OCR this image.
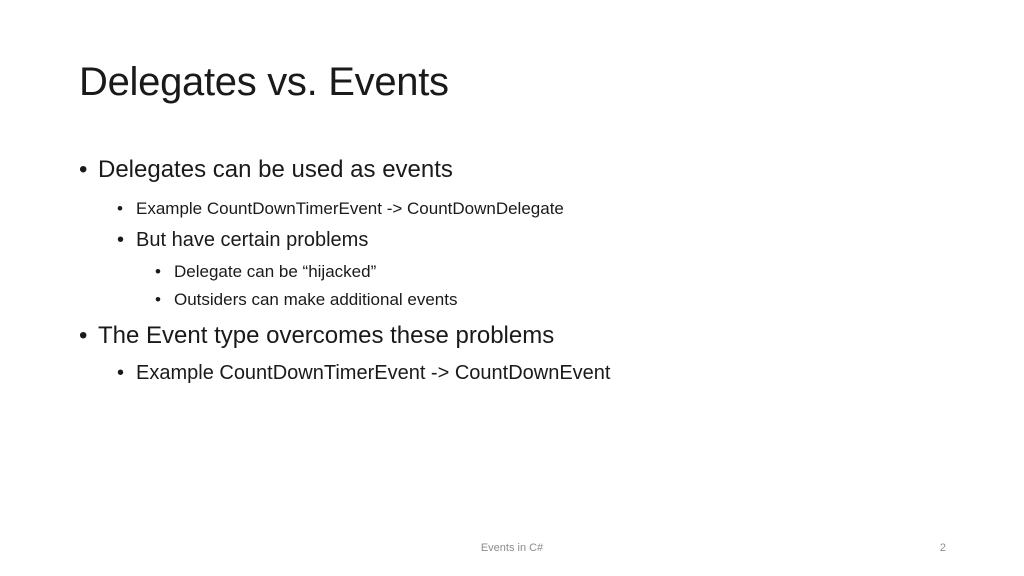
Delegates vs. Events
• Delegates can be used as events
• Example CountDownTimerEvent -> CountDownDelegate
• But have certain problems
• Delegate can be “hijacked”
• Outsiders can make additional events
• The Event type overcomes these problems
• Example CountDownTimerEvent -> CountDownEvent
Events in C#	2
